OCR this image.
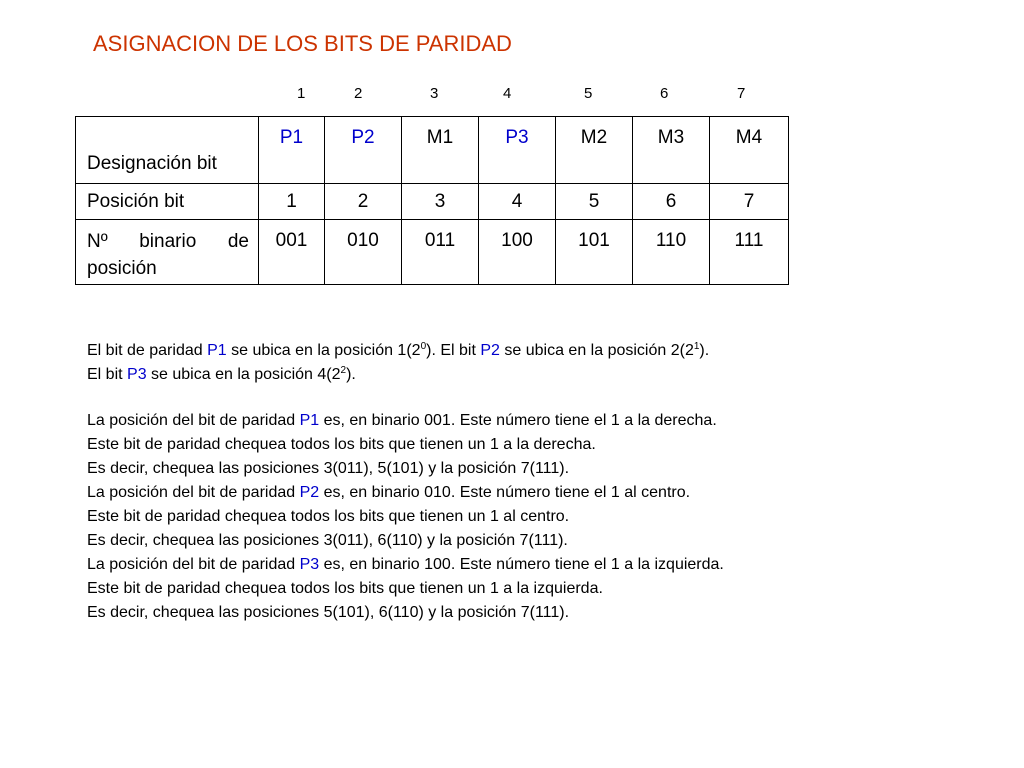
ASIGNACION DE LOS BITS DE PARIDAD
1	2	3	4	5	6	7
Designación bit	P1	P2	M1	P3	M2	M3	M4
Posición bit	1	2	3	4	5	6	7
Nº binario de posición	001	010	011	100	101	110	111
El bit de paridad P1 se ubica en la posición $1(2^0)$. El bit P2 se ubica en la posición $2(2^1)$.
El bit P3 se ubica en la posición $4(2^2)$.
La posición del bit de paridad P1 es, en binario 001. Este número tiene el 1 a la derecha.
Este bit de paridad chequea todos los bits que tienen un 1 a la derecha.
Es decir, chequea las posiciones 3(011), 5(101) y la posición 7(111).
La posición del bit de paridad P2 es, en binario 010. Este número tiene el 1 al centro.
Este bit de paridad chequea todos los bits que tienen un 1 al centro.
Es decir, chequea las posiciones 3(011), 6(110) y la posición 7(111).
La posición del bit de paridad P3 es, en binario 100. Este número tiene el 1 a la izquierda.
Este bit de paridad chequea todos los bits que tienen un 1 a la izquierda.
Es decir, chequea las posiciones 5(101), 6(110) y la posición 7(111).
